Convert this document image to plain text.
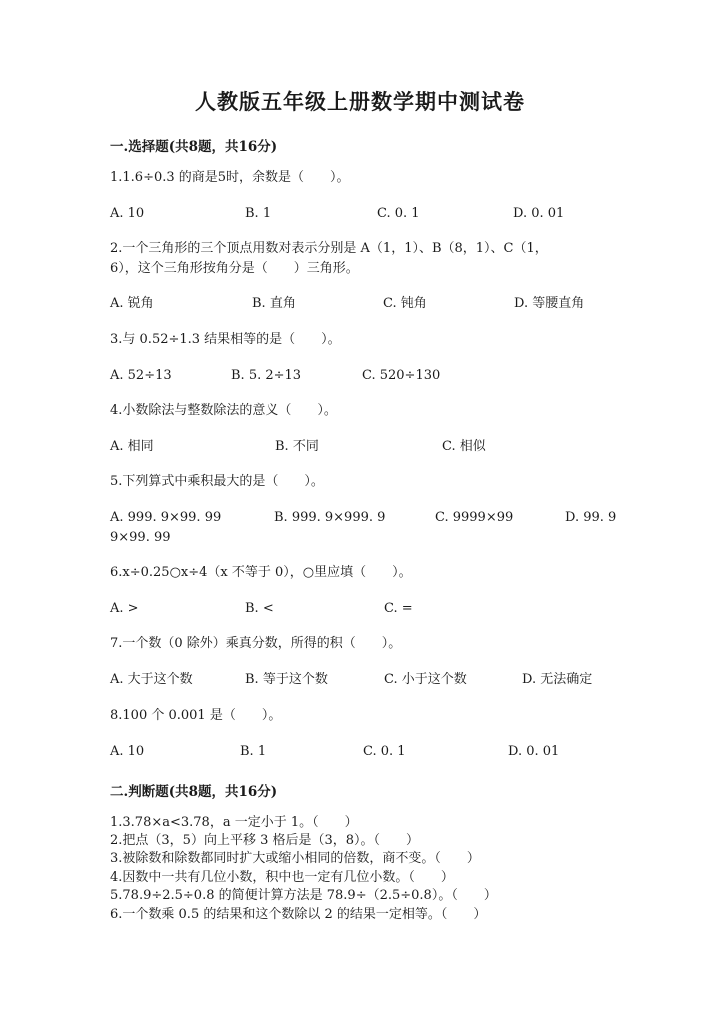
人教版五年级上册数学期中测试卷
一.选择题(共8题，共16分)
1.1.6÷0.3 的商是5时，余数是（　　）。
A. 10	B. 1	C. 0. 1	D. 0. 01
2.一个三角形的三个顶点用数对表示分别是 A（1，1）、B（8，1）、C（1，
6），这个三角形按角分是（　　）三角形。
A. 锐角	B. 直角	C. 钝角	D. 等腰直角
3.与 0.52÷1.3 结果相等的是（　　）。
A. 52÷13	B. 5. 2÷13	C. 520÷130
4.小数除法与整数除法的意义（　　）。
A. 相同	B. 不同	C. 相似
5.下列算式中乘积最大的是（　　）。
A. 999. 9×99. 99	B. 999. 9×999. 9	C. 9999×99	D. 99. 9
9×99. 99
6.x÷0.25○x÷4（x 不等于 0），○里应填（　　）。
A. >	B. <	C. =
7.一个数（0 除外）乘真分数，所得的积（　　）。
A. 大于这个数	B. 等于这个数	C. 小于这个数	D. 无法确定
8.100 个 0.001 是（　　）。
A. 10	B. 1	C. 0. 1	D. 0. 01
二.判断题(共8题，共16分)
1.3.78×a<3.78，a 一定小于 1。（　　）
2.把点（3，5）向上平移 3 格后是（3，8）。（　　）
3.被除数和除数都同时扩大或缩小相同的倍数，商不变。（　　）
4.因数中一共有几位小数，积中也一定有几位小数。（　　）
5.78.9÷2.5÷0.8 的简便计算方法是 78.9÷（2.5÷0.8）。（　　）
6.一个数乘 0.5 的结果和这个数除以 2 的结果一定相等。（　　）
